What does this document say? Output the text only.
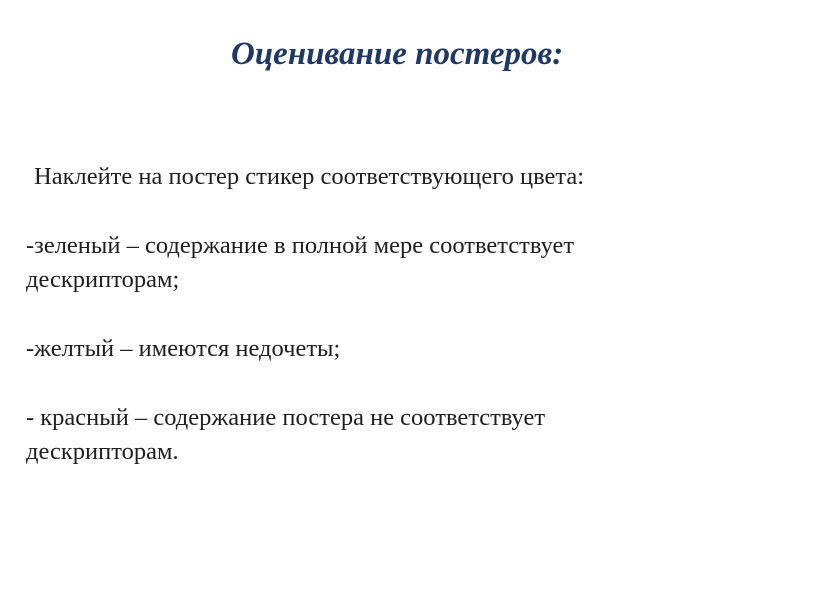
Оценивание постеров:

Наклейте на постер стикер соответствующего цвета:

-зеленый – содержание в полной мере соответствует

дескрипторам;

-желтый – имеются недочеты;

- красный – содержание постера не соответствует

дескрипторам.
